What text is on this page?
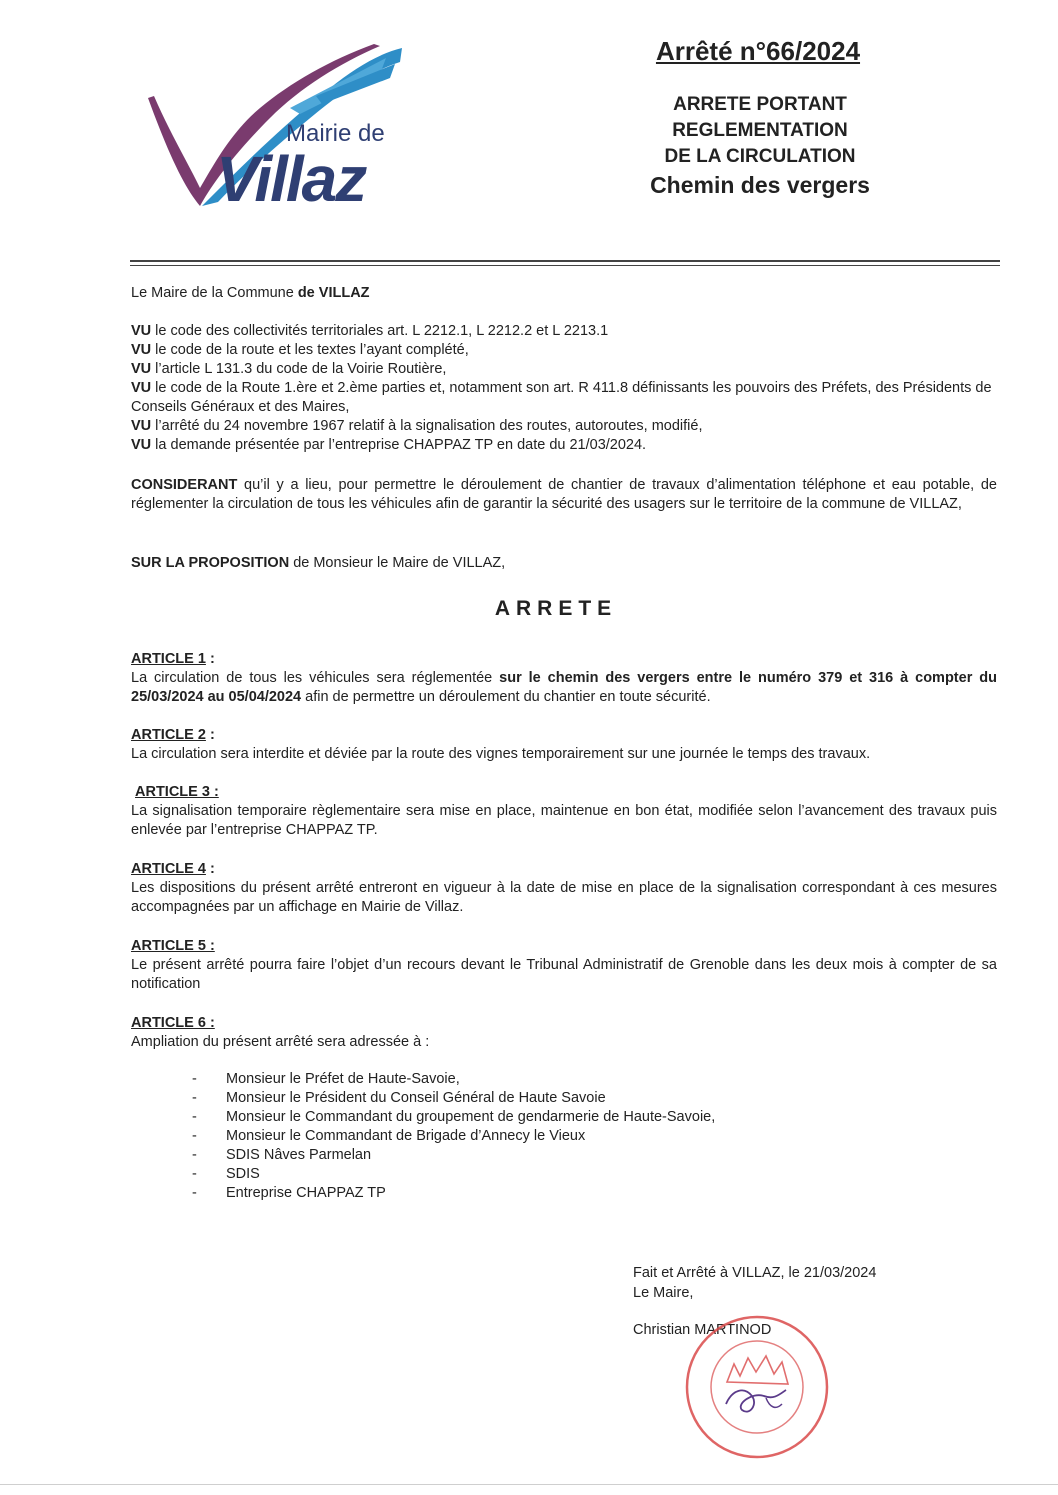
Mairie de
Villaz
Arrêté n°66/2024
ARRETE PORTANT
REGLEMENTATION
DE LA CIRCULATION
Chemin des vergers
Le Maire de la Commune de VILLAZ
VU le code des collectivités territoriales art. L 2212.1, L 2212.2 et L 2213.1
VU le code de la route et les textes l’ayant complété,
VU l’article L 131.3 du code de la Voirie Routière,
VU le code de la Route 1.ère et 2.ème parties et, notamment son art. R 411.8 définissants les pouvoirs des Préfets, des Présidents de Conseils Généraux et des Maires,
VU l’arrêté du 24 novembre 1967 relatif à la signalisation des routes, autoroutes, modifié,
VU la demande présentée par l’entreprise CHAPPAZ TP en date du 21/03/2024.
CONSIDERANT qu’il y a lieu, pour permettre le déroulement de chantier de travaux d’alimentation téléphone et eau potable, de réglementer la circulation de tous les véhicules afin de garantir la sécurité des usagers sur le territoire de la commune de VILLAZ,
SUR LA PROPOSITION de Monsieur le Maire de VILLAZ,
ARRETE
ARTICLE 1 :
La circulation de tous les véhicules sera réglementée sur le chemin des vergers entre le numéro 379 et 316 à compter du 25/03/2024 au 05/04/2024 afin de permettre un déroulement du chantier en toute sécurité.
ARTICLE 2 :
La circulation sera interdite et déviée par la route des vignes temporairement sur une journée le temps des travaux.
ARTICLE 3 :
La signalisation temporaire règlementaire sera mise en place, maintenue en bon état, modifiée selon l’avancement des travaux puis enlevée par l’entreprise CHAPPAZ TP.
ARTICLE 4 :
Les dispositions du présent arrêté entreront en vigueur à la date de mise en place de la signalisation correspondant à ces mesures accompagnées par un affichage en Mairie de Villaz.
ARTICLE 5 :
Le présent arrêté pourra faire l’objet d’un recours devant le Tribunal Administratif de Grenoble dans les deux mois à compter de sa notification
ARTICLE 6 :
Ampliation du présent arrêté sera adressée à :
-	Monsieur le Préfet de Haute-Savoie,
-	Monsieur le Président du Conseil Général de Haute Savoie
-	Monsieur le Commandant du groupement de gendarmerie de Haute-Savoie,
-	Monsieur le Commandant de Brigade d’Annecy le Vieux
-	SDIS Nâves Parmelan
-	SDIS
-	Entreprise CHAPPAZ TP
Fait et Arrêté à VILLAZ, le 21/03/2024
Le Maire,
Christian MARTINOD
